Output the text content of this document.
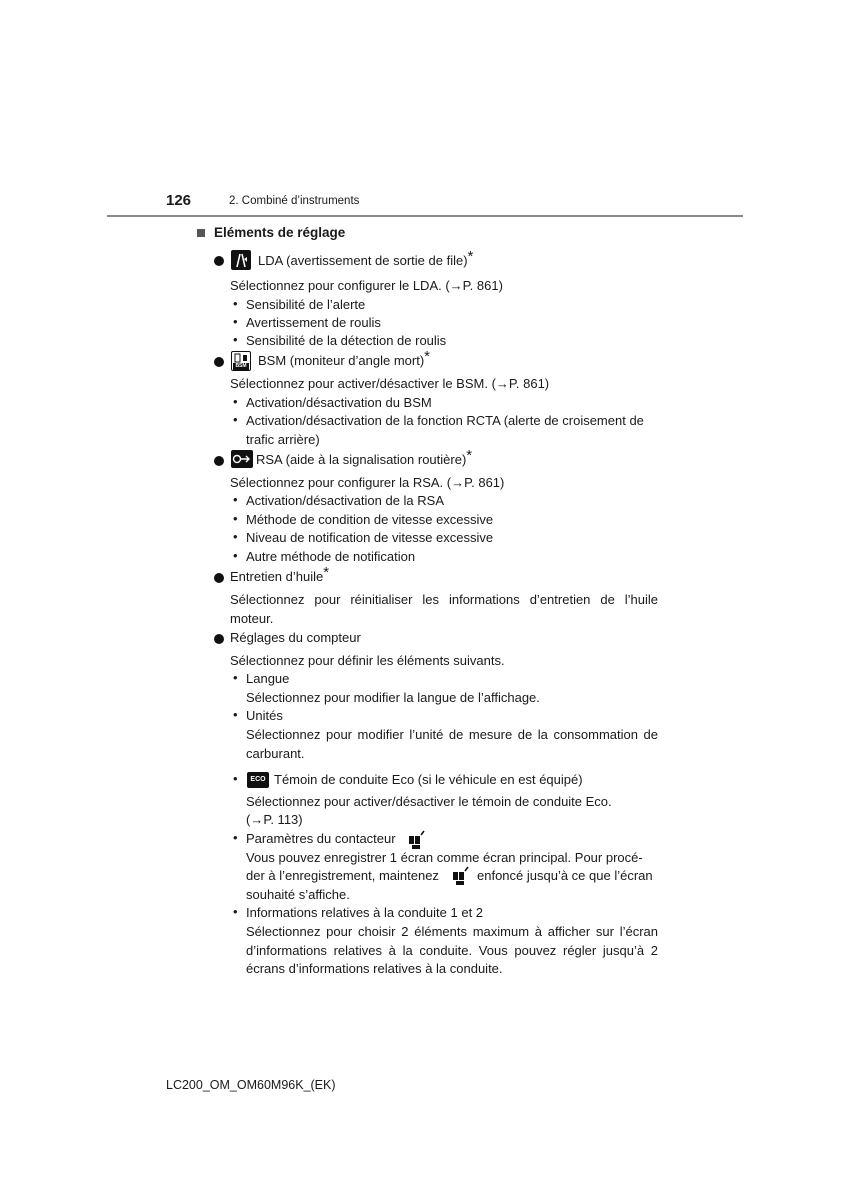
126	2. Combiné d’instruments
Eléments de réglage
LDA (avertissement de sortie de file)*
Sélectionnez pour configurer le LDA. (→P. 861)
• Sensibilité de l’alerte
• Avertissement de roulis
• Sensibilité de la détection de roulis
BSM BSM (moniteur d’angle mort)*
Sélectionnez pour activer/désactiver le BSM. (→P. 861)
• Activation/désactivation du BSM
• Activation/désactivation de la fonction RCTA (alerte de croisement de
trafic arrière)
RSA (aide à la signalisation routière)*
Sélectionnez pour configurer la RSA. (→P. 861)
• Activation/désactivation de la RSA
• Méthode de condition de vitesse excessive
• Niveau de notification de vitesse excessive
• Autre méthode de notification
Entretien d’huile*
Sélectionnez pour réinitialiser les informations d’entretien de l’huile moteur.
Réglages du compteur
Sélectionnez pour définir les éléments suivants.
• Langue
Sélectionnez pour modifier la langue de l’affichage.
• Unités
Sélectionnez pour modifier l’unité de mesure de la consommation de carburant.
•	ECO Témoin de conduite Eco (si le véhicule en est équipé)
Sélectionnez pour activer/désactiver le témoin de conduite Eco.
(→P. 113)
• Paramètres du contacteur
Vous pouvez enregistrer 1 écran comme écran principal. Pour procé-
der à l’enregistrement, maintenez	enfoncé jusqu’à ce que l’écran
souhaité s’affiche.
• Informations relatives à la conduite 1 et 2
Sélectionnez pour choisir 2 éléments maximum à afficher sur l’écran d’informations relatives à la conduite. Vous pouvez régler jusqu’à 2 écrans d’informations relatives à la conduite.
LC200_OM_OM60M96K_(EK)
